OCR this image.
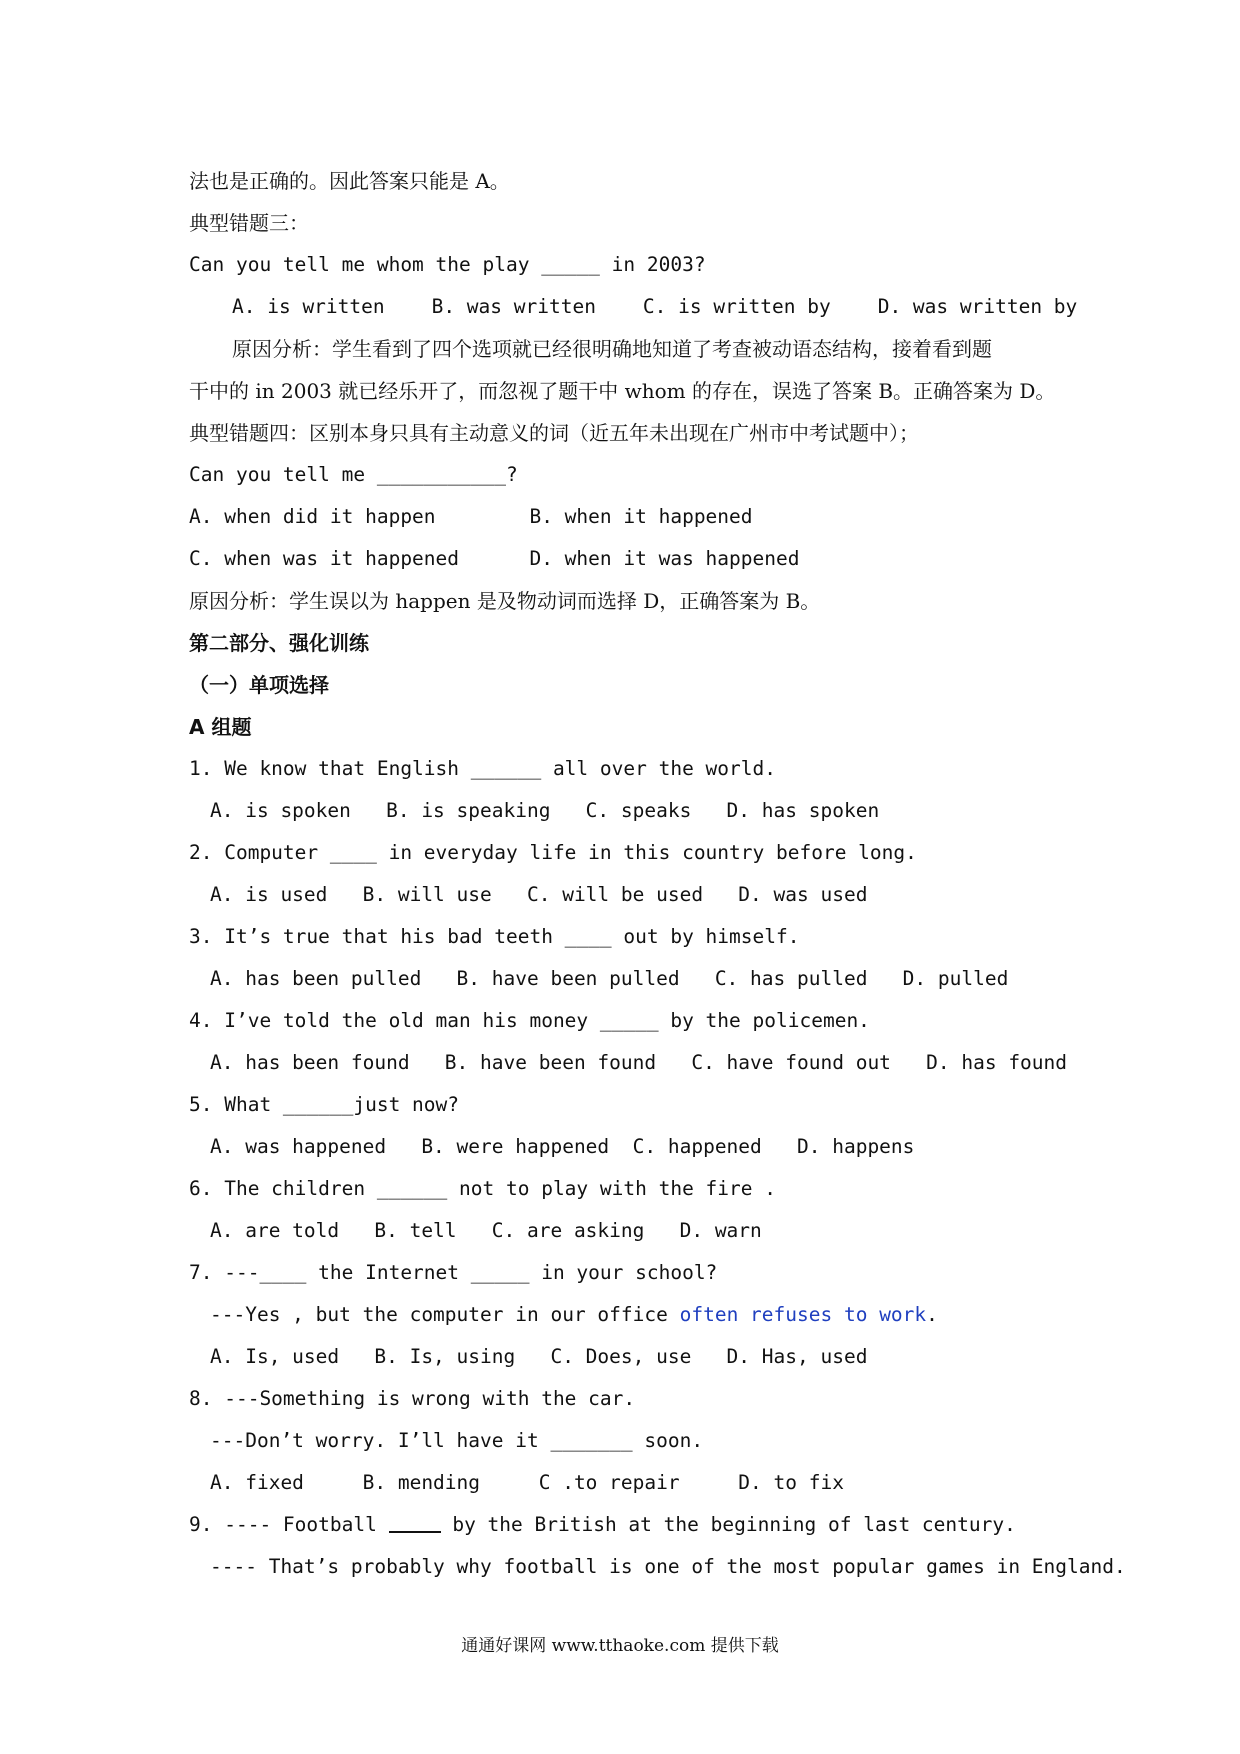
法也是正确的。因此答案只能是 A。
典型错题三：
Can you tell me whom the play _____ in 2003?
A. is written    B. was written    C. is written by    D. was written by
原因分析：学生看到了四个选项就已经很明确地知道了考查被动语态结构，接着看到题
干中的 in 2003 就已经乐开了，而忽视了题干中 whom 的存在，误选了答案 B。正确答案为 D。
典型错题四：区别本身只具有主动意义的词（近五年未出现在广州市中考试题中）；
Can you tell me ___________?
A. when did it happen        B. when it happened
C. when was it happened      D. when it was happened
原因分析：学生误以为 happen 是及物动词而选择 D，正确答案为 B。
第二部分、强化训练
（一）单项选择
A 组题
1. We know that English ______ all over the world.
A. is spoken   B. is speaking   C. speaks   D. has spoken
2. Computer ____ in everyday life in this country before long.
A. is used   B. will use   C. will be used   D. was used
3. It’s true that his bad teeth ____ out by himself.
A. has been pulled   B. have been pulled   C. has pulled   D. pulled
4. I’ve told the old man his money _____ by the policemen.
A. has been found   B. have been found   C. have found out   D. has found
5. What ______just now?
A. was happened   B. were happened  C. happened   D. happens
6. The children ______ not to play with the fire .
A. are told   B. tell   C. are asking   D. warn
7. ---____ the Internet _____ in your school?
---Yes , but the computer in our office often refuses to work.
A. Is, used   B. Is, using   C. Does, use   D. Has, used
8. ---Something is wrong with the car.
---Don’t worry. I’ll have it _______ soon.
A. fixed     B. mending     C .to repair     D. to fix
9. ---- Football	by the British at the beginning of last century.
---- That’s probably why football is one of the most popular games in England.
通通好课网 www.tthaoke.com 提供下载
